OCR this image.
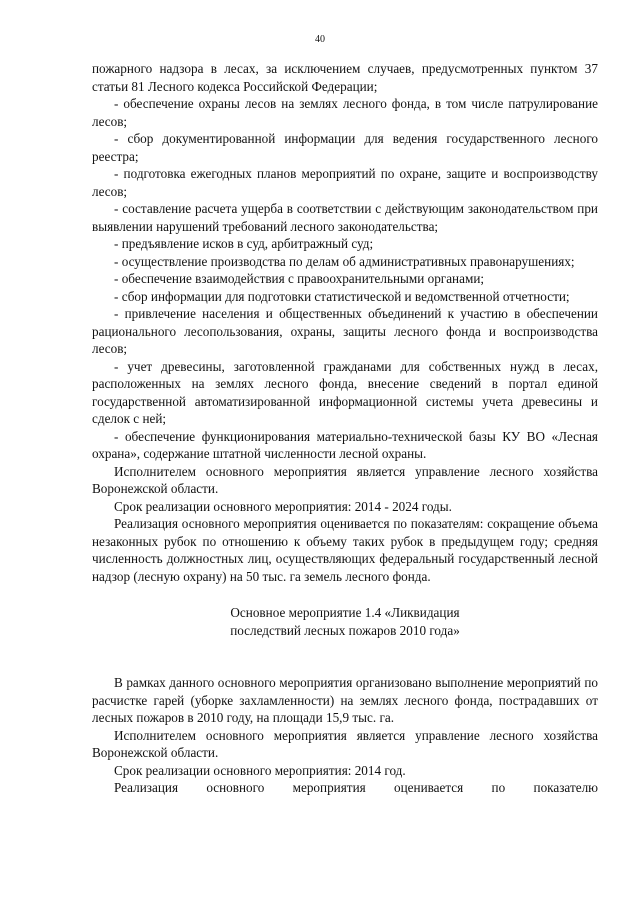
40

пожарного надзора в лесах, за исключением случаев, предусмотренных пунктом 37 статьи 81 Лесного кодекса Российской Федерации;

- обеспечение охраны лесов на землях лесного фонда, в том числе патрулирование лесов;

- сбор документированной информации для ведения государственного лесного реестра;

- подготовка ежегодных планов мероприятий по охране, защите и воспроизводству лесов;

- составление расчета ущерба в соответствии с действующим законодательством при выявлении нарушений требований лесного законодательства;

- предъявление исков в суд, арбитражный суд;

- осуществление производства по делам об административных правонарушениях;

- обеспечение взаимодействия с правоохранительными органами;

- сбор информации для подготовки статистической и ведомственной отчетности;

- привлечение населения и общественных объединений к участию в обеспечении рационального лесопользования, охраны, защиты лесного фонда и воспроизводства лесов;

- учет древесины, заготовленной гражданами для собственных нужд в лесах, расположенных на землях лесного фонда, внесение сведений в портал единой государственной автоматизированной информационной системы учета древесины и сделок с ней;

- обеспечение функционирования материально-технической базы КУ ВО «Лесная охрана», содержание штатной численности лесной охраны.

Исполнителем основного мероприятия является управление лесного хозяйства Воронежской области.

Срок реализации основного мероприятия: 2014 - 2024 годы.

Реализация основного мероприятия оценивается по показателям: сокращение объема незаконных рубок по отношению к объему таких рубок в предыдущем году; средняя численность должностных лиц, осуществляющих федеральный государственный лесной надзор (лесную охрану) на 50 тыс. га земель лесного фонда.

Основное мероприятие 1.4 «Ликвидация
последствий лесных пожаров 2010 года»

В рамках данного основного мероприятия организовано выполнение мероприятий по расчистке гарей (уборке захламленности) на землях лесного фонда, пострадавших от лесных пожаров в 2010 году, на площади 15,9 тыс. га.

Исполнителем основного мероприятия является управление лесного хозяйства Воронежской области.

Срок реализации основного мероприятия: 2014 год.

Реализация основного мероприятия оценивается по показателю
